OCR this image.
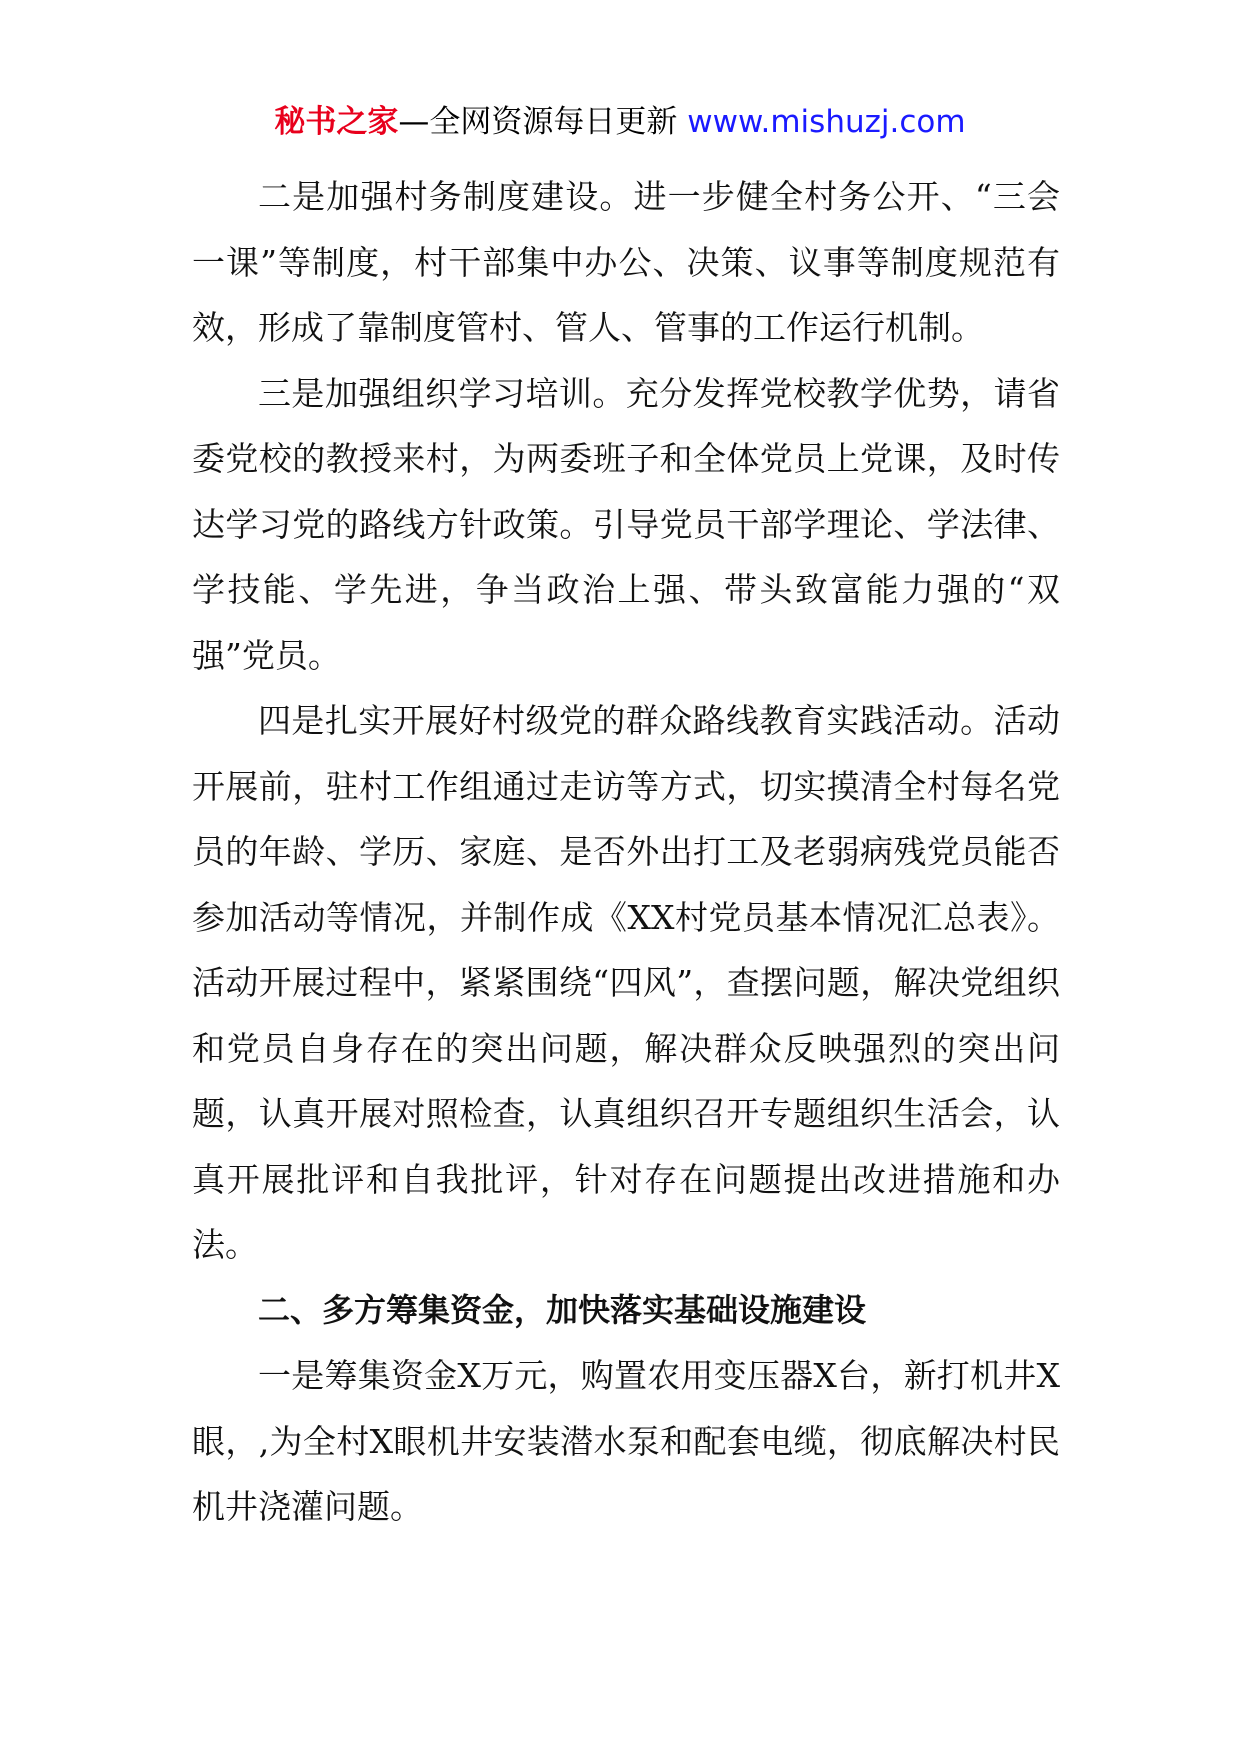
秘书之家—全网资源每日更新 www.mishuzj.com

二是加强村务制度建设。进一步健全村务公开、“三会一课”等制度，村干部集中办公、决策、议事等制度规范有效，形成了靠制度管村、管人、管事的工作运行机制。

三是加强组织学习培训。充分发挥党校教学优势，请省委党校的教授来村，为两委班子和全体党员上党课，及时传达学习党的路线方针政策。引导党员干部学理论、学法律、学技能、学先进，争当政治上强、带头致富能力强的“双强”党员。

四是扎实开展好村级党的群众路线教育实践活动。活动开展前，驻村工作组通过走访等方式，切实摸清全村每名党员的年龄、学历、家庭、是否外出打工及老弱病残党员能否参加活动等情况，并制作成《XX村党员基本情况汇总表》。活动开展过程中，紧紧围绕“四风”，查摆问题，解决党组织和党员自身存在的突出问题，解决群众反映强烈的突出问题，认真开展对照检查，认真组织召开专题组织生活会，认真开展批评和自我批评，针对存在问题提出改进措施和办法。

二、多方筹集资金，加快落实基础设施建设

一是筹集资金X万元，购置农用变压器X台，新打机井X眼，,为全村X眼机井安装潜水泵和配套电缆，彻底解决村民机井浇灌问题。
